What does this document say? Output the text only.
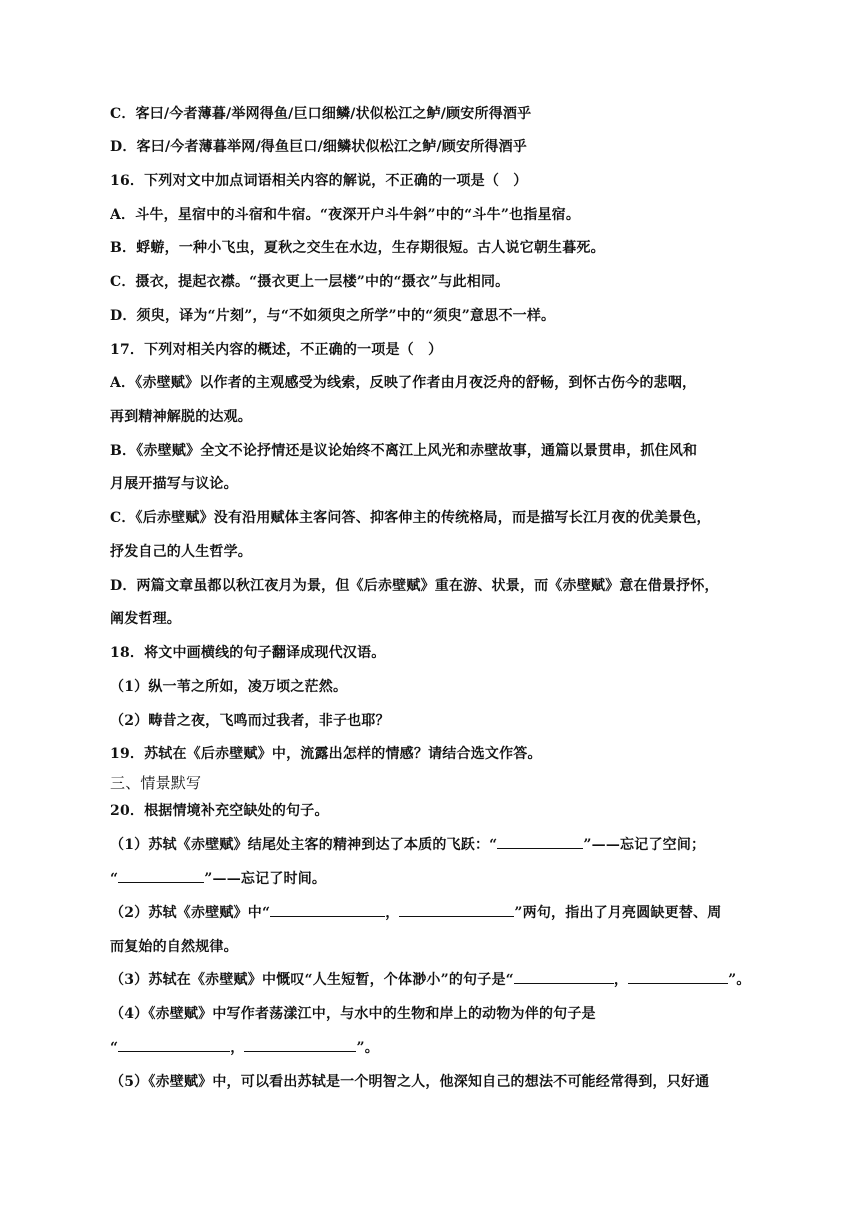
C．客曰/今者薄暮/举网得鱼/巨口细鳞/状似松江之鲈/顾安所得酒乎
D．客曰/今者薄暮举网/得鱼巨口/细鳞状似松江之鲈/顾安所得酒乎
16．下列对文中加点词语相关内容的解说，不正确的一项是（　）
A．斗牛，星宿中的斗宿和牛宿。“夜深开户斗牛斜”中的“斗牛”也指星宿。
B．蜉蝣，一种小飞虫，夏秋之交生在水边，生存期很短。古人说它朝生暮死。
C．摄衣，提起衣襟。“摄衣更上一层楼”中的“摄衣”与此相同。
D．须臾，译为“片刻”，与“不如须臾之所学”中的“须臾”意思不一样。
17．下列对相关内容的概述，不正确的一项是（　）
A．《赤壁赋》以作者的主观感受为线索，反映了作者由月夜泛舟的舒畅，到怀古伤今的悲咽，
再到精神解脱的达观。
B．《赤壁赋》全文不论抒情还是议论始终不离江上风光和赤壁故事，通篇以景贯串，抓住风和
月展开描写与议论。
C．《后赤壁赋》没有沿用赋体主客问答、抑客伸主的传统格局，而是描写长江月夜的优美景色，
抒发自己的人生哲学。
D．两篇文章虽都以秋江夜月为景，但《后赤壁赋》重在游、状景，而《赤壁赋》意在借景抒怀，
阐发哲理。
18．将文中画横线的句子翻译成现代汉语。
（1）纵一苇之所如，凌万顷之茫然。
（2）畴昔之夜，飞鸣而过我者，非子也耶？
19．苏轼在《后赤壁赋》中，流露出怎样的情感？请结合选文作答。
三、情景默写
20．根据情境补充空缺处的句子。
（1）苏轼《赤壁赋》结尾处主客的精神到达了本质的飞跃：“	”——忘记了空间；
“	”——忘记了时间。
（2）苏轼《赤壁赋》中“	，	”两句，指出了月亮圆缺更替、周
而复始的自然规律。
（3）苏轼在《赤壁赋》中慨叹“人生短暂，个体渺小”的句子是“	，	”。
（4）《赤壁赋》中写作者荡漾江中，与水中的生物和岸上的动物为伴的句子是
“	，	”。
（5）《赤壁赋》中，可以看出苏轼是一个明智之人，他深知自己的想法不可能经常得到，只好通
